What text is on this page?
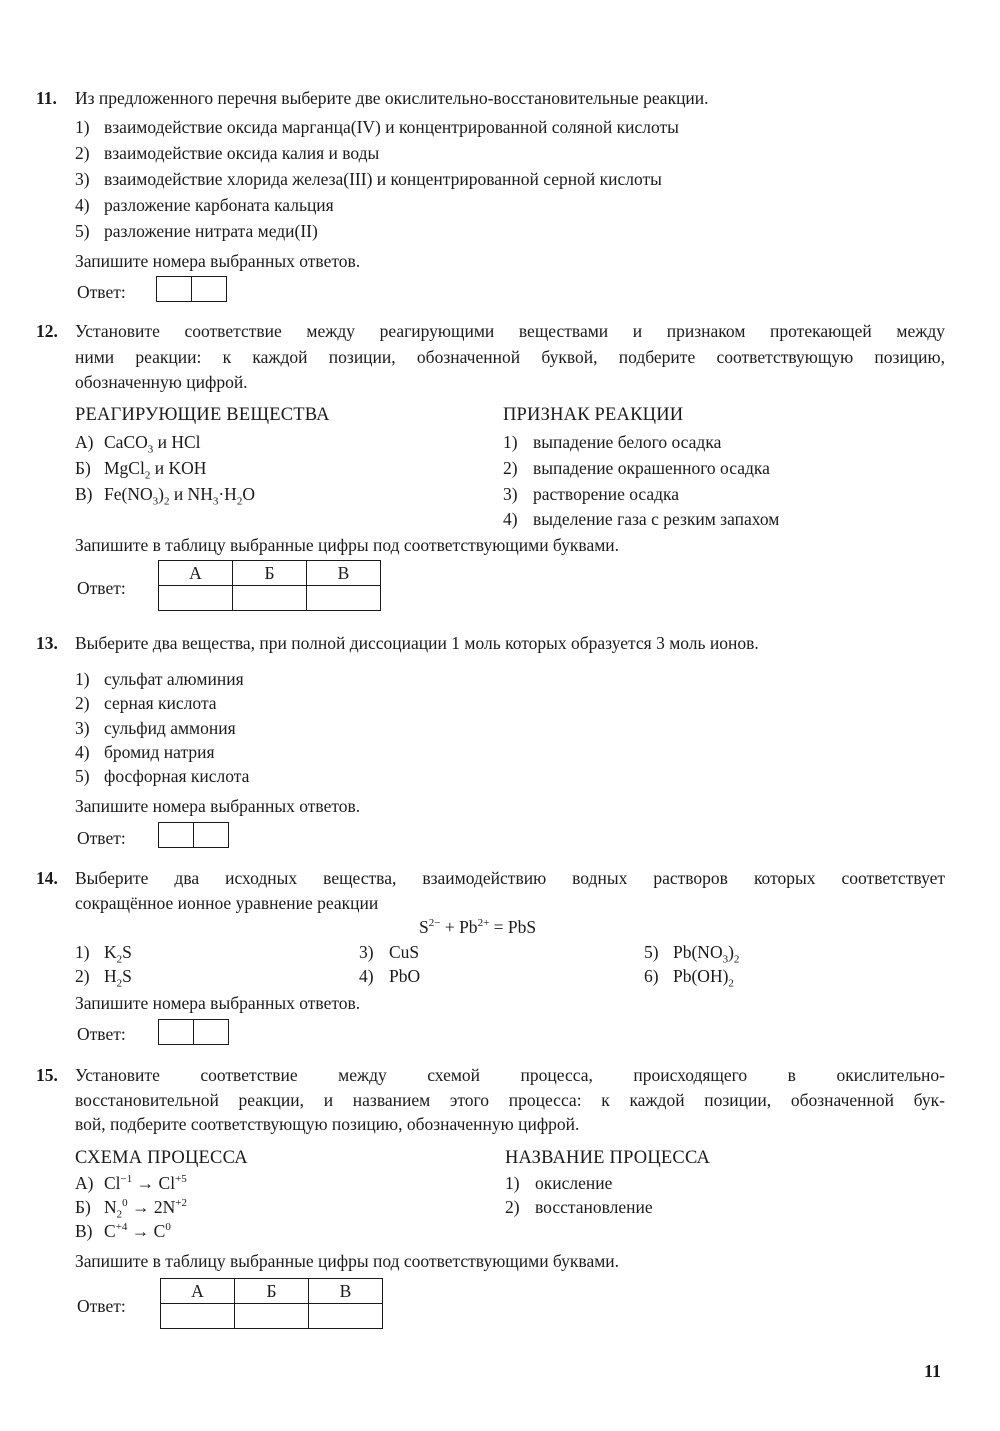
11. Из предложенного перечня выберите две окислительно-восстановительные реакции.
1) взаимодействие оксида марганца(IV) и концентрированной соляной кислоты
2) взаимодействие оксида калия и воды
3) взаимодействие хлорида железа(III) и концентрированной серной кислоты
4) разложение карбоната кальция
5) разложение нитрата меди(II)
Запишите номера выбранных ответов.
Ответ:
12. Установите соответствие между реагирующими веществами и признаком протекающей между
ними реакции: к каждой позиции, обозначенной буквой, подберите соответствующую позицию,
обозначенную цифрой.
РЕАГИРУЮЩИЕ ВЕЩЕСТВА	ПРИЗНАК РЕАКЦИИ
А) CaCO$_3$ и HCl
Б) MgCl$_2$ и KOH
В) $Fe(NO_3)_2$ и $NH_3\cdot H_2O$
1) выпадение белого осадка
2) выпадение окрашенного осадка
3) растворение осадка
4) выделение газа с резким запахом
Запишите в таблицу выбранные цифры под соответствующими буквами.
Ответ:
А	Б	В

13. Выберите два вещества, при полной диссоциации 1 моль которых образуется 3 моль ионов.
1) сульфат алюминия
2) серная кислота
3) сульфид аммония
4) бромид натрия
5) фосфорная кислота
Запишите номера выбранных ответов.
Ответ:
14. Выберите два исходных вещества, взаимодействию водных растворов которых соответствует
сокращённое ионное уравнение реакции
$S^{2-} + Pb^{2+}$ = PbS
1) $K_2S$
2) $H_2S$
3) CuS
4) PbO
5) $Pb(NO_3)_2$
6) $Pb(OH)_2$
Запишите номера выбранных ответов.
Ответ:
15. Установите соответствие между схемой процесса, происходящего в окислительно-
восстановительной реакции, и названием этого процесса: к каждой позиции, обозначенной бук-
вой, подберите соответствующую позицию, обозначенную цифрой.
СХЕМА ПРОЦЕССА	НАЗВАНИЕ ПРОЦЕССА
А) $Cl^{-1} \to Cl^{+5}$
Б) $N_2^0 \to 2N^{+2}$
В) $C^{+4} \to C^0$
1) окисление
2) восстановление
Запишите в таблицу выбранные цифры под соответствующими буквами.
Ответ:
А	Б	В

11
